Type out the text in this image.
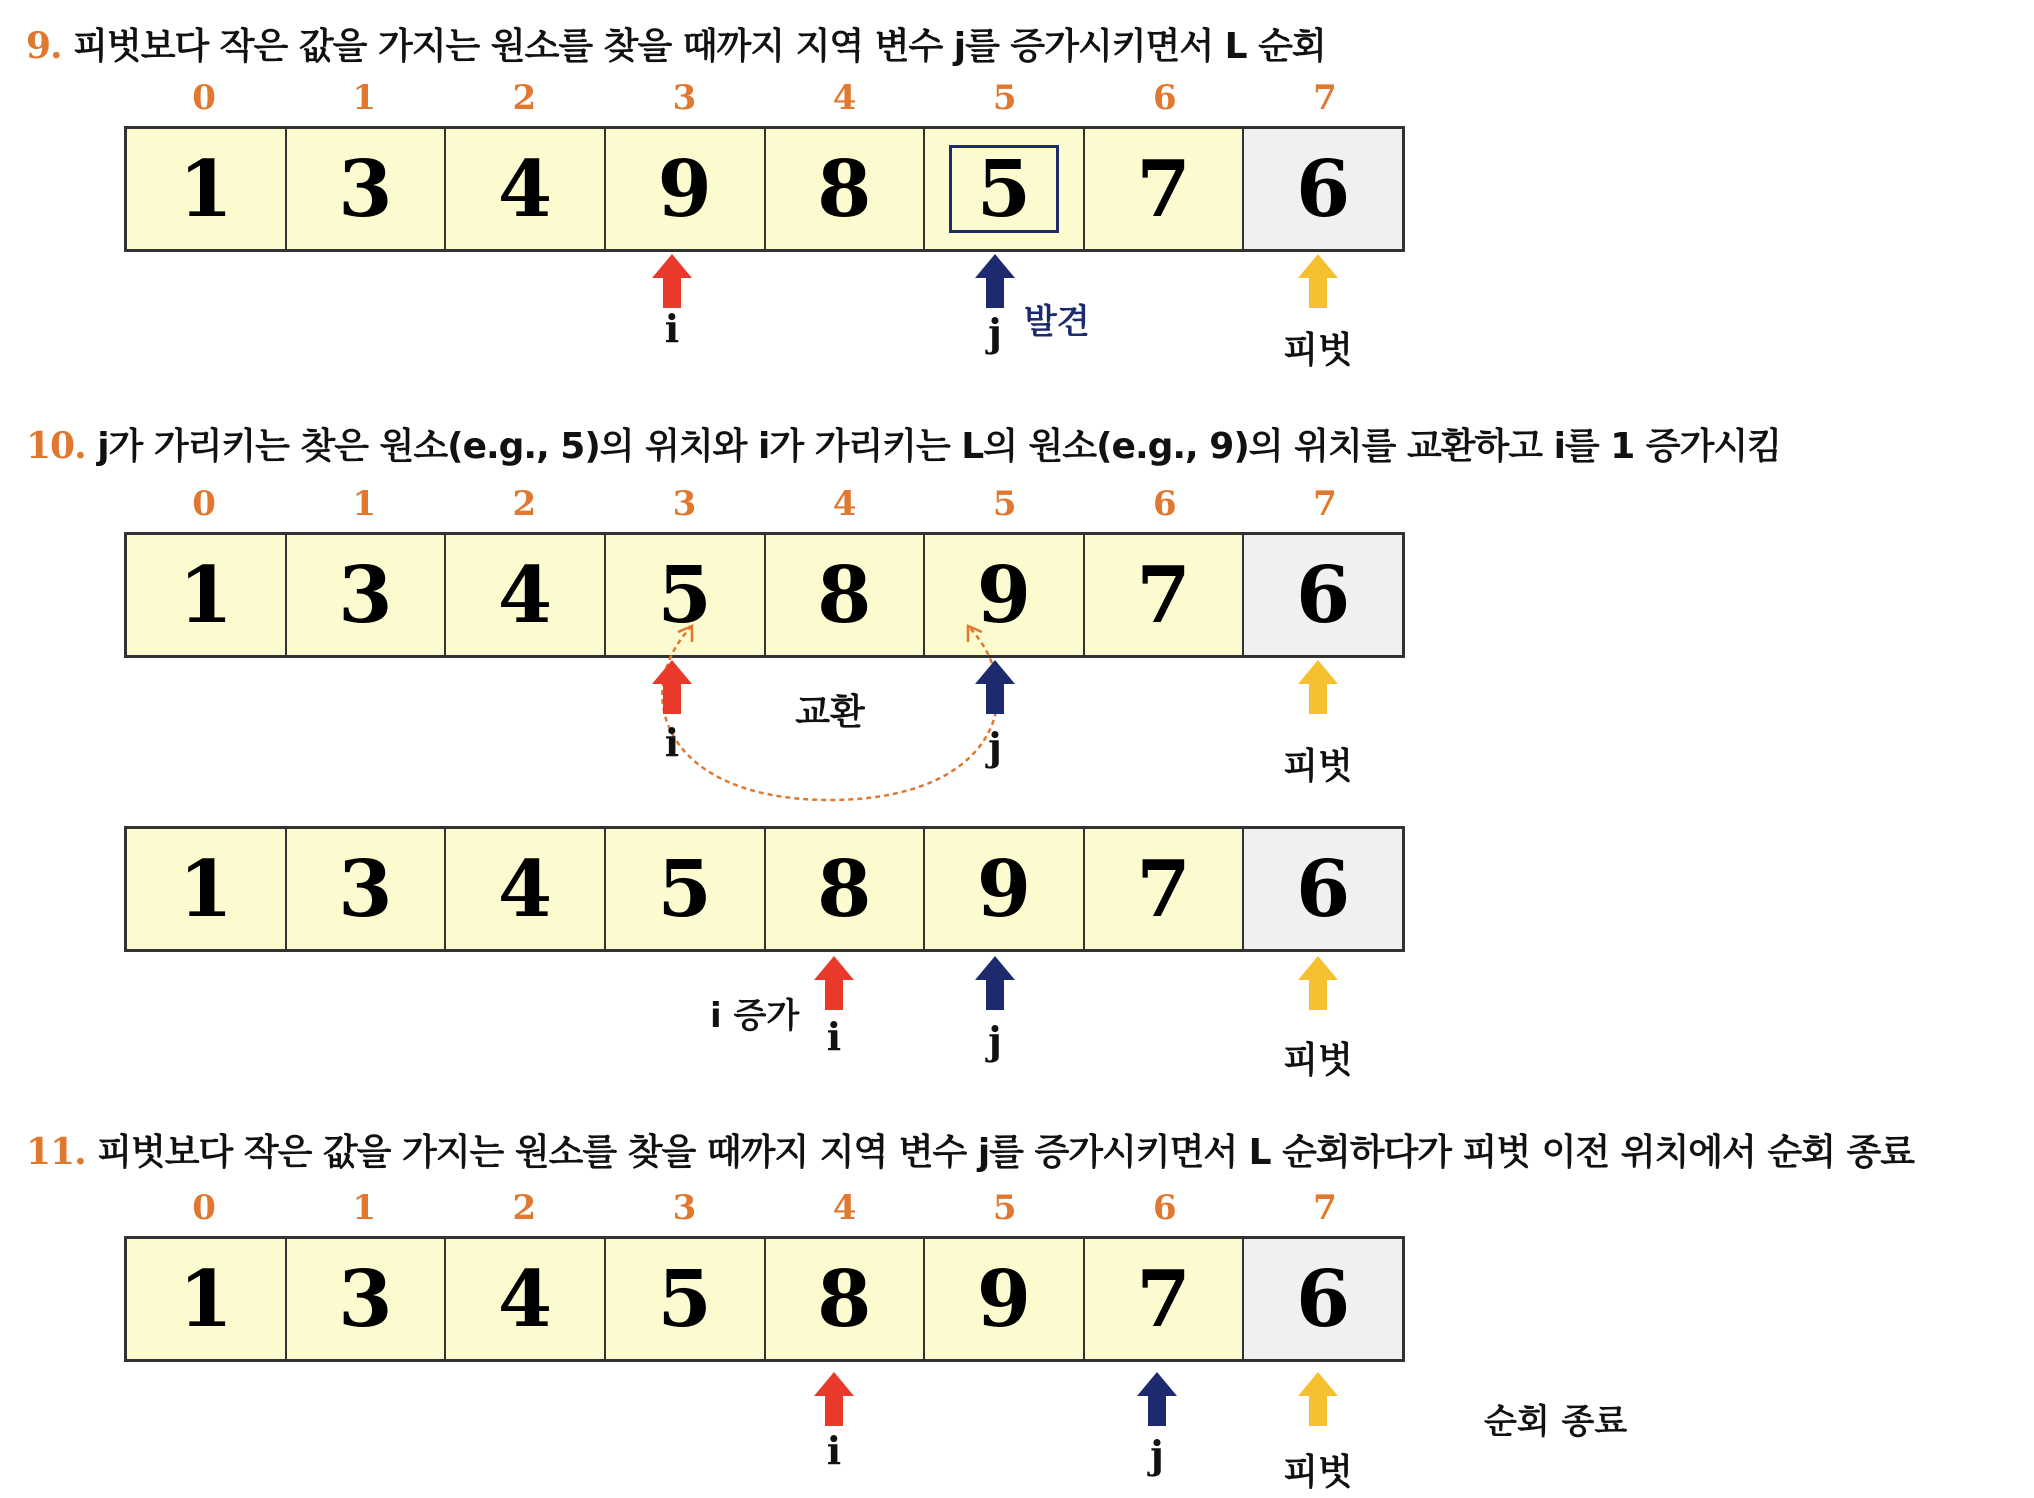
9. 피벗보다 작은 값을 가지는 원소를 찾을 때까지 지역 변수 j를 증가시키면서 L 순회
0	1	2	3	4	5	6	7
1	3	4	9	8	5	7	6
i	j 발견
피벗
10. j가 가리키는 찾은 원소(e.g., 5)의 위치와 i가 가리키는 L의 원소(e.g., 9)의 위치를 교환하고 i를 1 증가시킴
0	1	2	3	4	5	6	7
1	3	4	5	8	9	7	6
교환
i	j	피벗
1	3	4	5	8	9	7	6
i 증가 i	j	피벗
11. 피벗보다 작은 값을 가지는 원소를 찾을 때까지 지역 변수 j를 증가시키면서 L 순회하다가 피벗 이전 위치에서 순회 종료
0	1	2	3	4	5	6	7
1	3	4	5	8	9	7	6
순회 종료
i	j	피벗
